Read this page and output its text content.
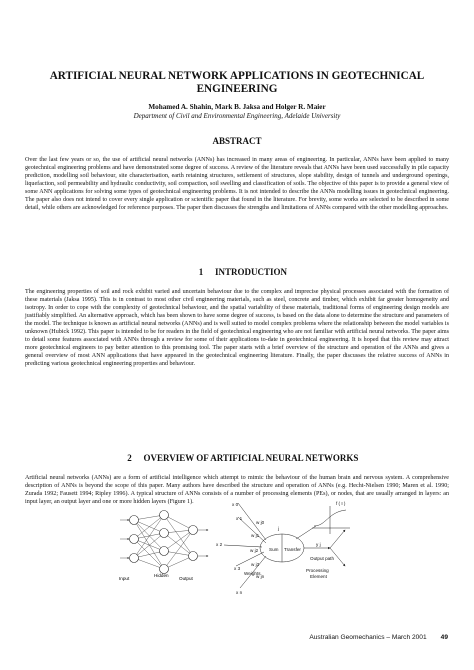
ARTIFICIAL NEURAL NETWORK APPLICATIONS IN GEOTECHNICAL
ENGINEERING
Mohamed A. Shahin, Mark B. Jaksa and Holger R. Maier
Department of Civil and Environmental Engineering, Adelaide University
ABSTRACT

Over the last few years or so, the use of artificial neural networks (ANNs) has increased in many areas of engineering. In particular, ANNs have been applied to many geotechnical engineering problems and have demonstrated some degree of success. A review of the literature reveals that ANNs have been used successfully in pile capacity prediction, modelling soil behaviour, site characterisation, earth retaining structures, settlement of structures, slope stability, design of tunnels and underground openings, liquefaction, soil permeability and hydraulic conductivity, soil compaction, soil swelling and classification of soils. The objective of this paper is to provide a general view of some ANN applications for solving some types of geotechnical engineering problems. It is not intended to describe the ANNs modelling issues in geotechnical engineering. The paper also does not intend to cover every single application or scientific paper that found in the literature. For brevity, some works are selected to be described in some detail, while others are acknowledged for reference purposes. The paper then discusses the strengths and limitations of ANNs compared with the other modelling approaches.

1 INTRODUCTION

The engineering properties of soil and rock exhibit varied and uncertain behaviour due to the complex and imprecise physical processes associated with the formation of these materials (Jaksa 1995). This is in contrast to most other civil engineering materials, such as steel, concrete and timber, which exhibit far greater homogeneity and isotropy. In order to cope with the complexity of geotechnical behaviour, and the spatial variability of these materials, traditional forms of engineering design models are justifiably simplified. An alternative approach, which has been shown to have some degree of success, is based on the data alone to determine the structure and parameters of the model. The technique is known as artificial neural networks (ANNs) and is well suited to model complex problems where the relationship between the model variables is unknown (Hubick 1992). This paper is intended to be for readers in the field of geotechnical engineering who are not familiar with artificial neural networks. The paper aims to detail some features associated with ANNs through a review for some of their applications to-date in geotechnical engineering. It is hoped that this review may attract more geotechnical engineers to pay better attention to this promising tool. The paper starts with a brief overview of the structure and operation of the ANNs and gives a general overview of most ANN applications that have appeared in the geotechnical engineering literature. Finally, the paper discusses the relative success of ANNs in predicting various geotechnical engineering properties and behaviour.

2 OVERVIEW OF ARTIFICIAL NEURAL NETWORKS

Artificial neural networks (ANNs) are a form of artificial intelligence which attempt to mimic the behaviour of the human brain and nervous system. A comprehensive description of ANNs is beyond the scope of this paper. Many authors have described the structure and operation of ANNs (e.g. Hecht-Nielsen 1990; Maren et al. 1990; Zurada 1992; Fausett 1994; Ripley 1996). A typical structure of ANNs consists of a number of processing elements (PEs), or nodes, that are usually arranged in layers: an input layer, an output layer and one or more hidden layers (Figure 1).

Input
Hidden
Output
x 0
x 1
x 2
x 3
x n
w j0
w j1
w j2
w j3
w jn
Weights
Sum Transfer
j
Output path
Processing
Element
f ( I )
y j
Australian Geomechanics – March 2001 49
